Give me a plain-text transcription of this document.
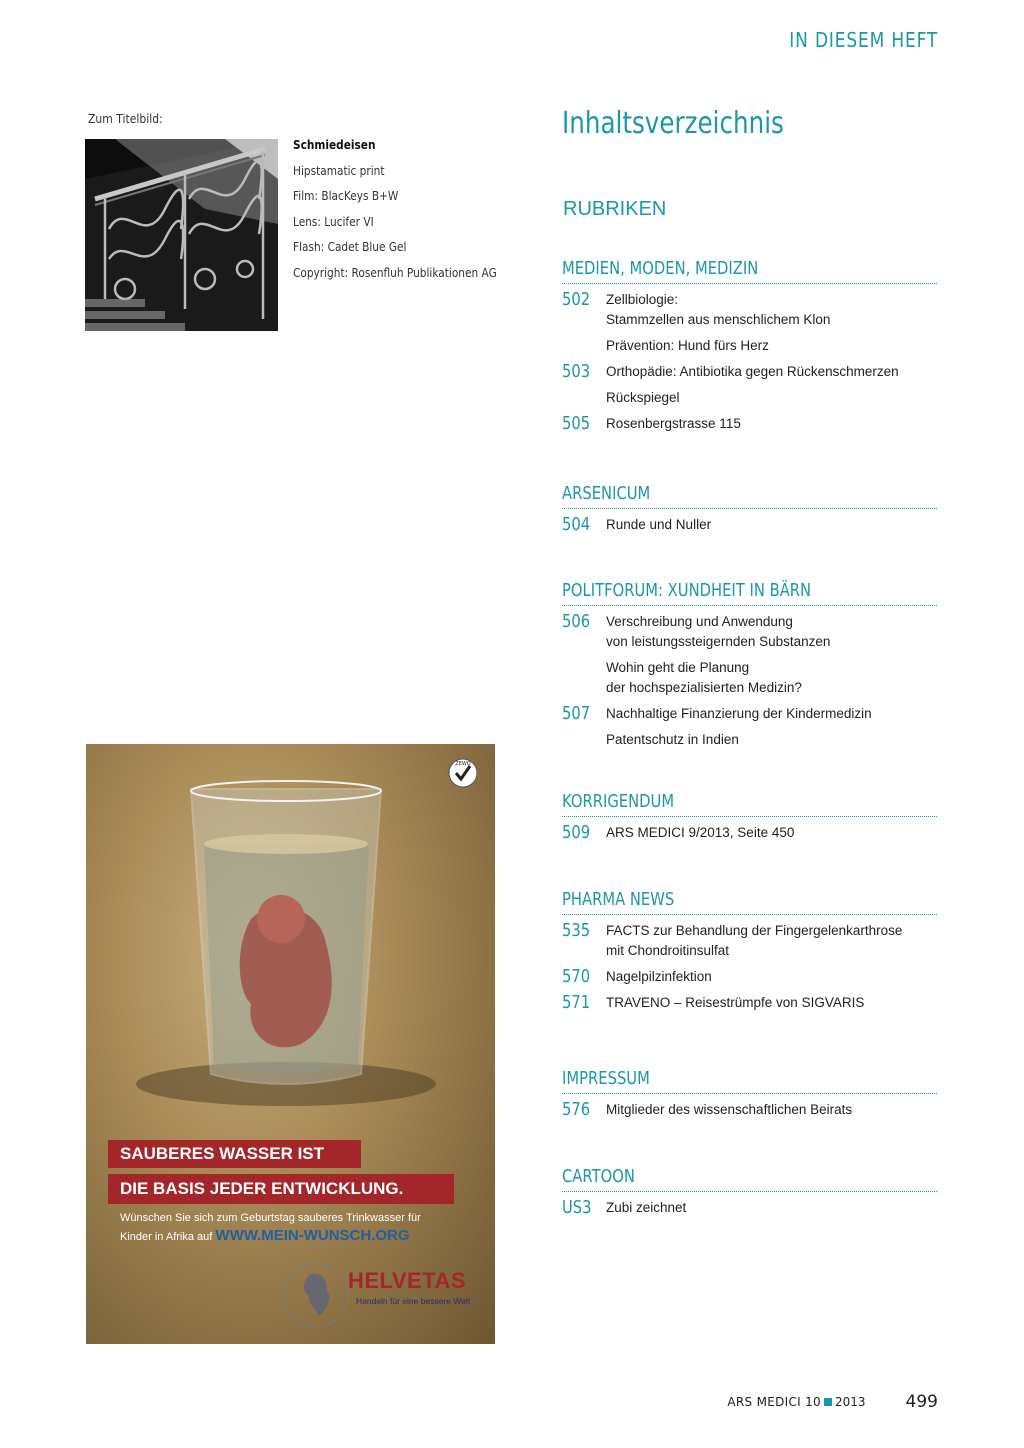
IN DIESEM HEFT
Zum Titelbild:
Schmiedeisen
Hipstamatic print
Film: BlacKeys B+W
Lens: Lucifer VI
Flash: Cadet Blue Gel
Copyright: Rosenfluh Publikationen AG
Inhaltsverzeichnis
RUBRIKEN
MEDIEN, MODEN, MEDIZIN
502	Zellbiologie:
Stammzellen aus menschlichem Klon
Prävention: Hund fürs Herz
503	Orthopädie: Antibiotika gegen Rückenschmerzen
Rückspiegel
505	Rosenbergstrasse 115
ARSENICUM
504	Runde und Nuller
POLITFORUM: XUNDHEIT IN BÄRN
506	Verschreibung und Anwendung
von leistungssteigernden Substanzen
Wohin geht die Planung
der hochspezialisierten Medizin?
507	Nachhaltige Finanzierung der Kindermedizin
Patentschutz in Indien
KORRIGENDUM
509	ARS MEDICI 9/2013, Seite 450
PHARMA NEWS
535	FACTS zur Behandlung der Fingergelenkarthrose
mit Chondroitinsulfat
570	Nagelpilzinfektion
571	TRAVENO – Reisestrümpfe von SIGVARIS
IMPRESSUM
576	Mitglieder des wissenschaftlichen Beirats
CARTOON
US3	Zubi zeichnet
ZEWO
SAUBERES WASSER IST
DIE BASIS JEDER ENTWICKLUNG.
Wünschen Sie sich zum Geburtstag sauberes Trinkwasser für
Kinder in Afrika auf WWW.MEIN-WUNSCH.ORG
HELVETAS
Handeln für eine bessere Welt
ARS MEDICI 10 2013 499
